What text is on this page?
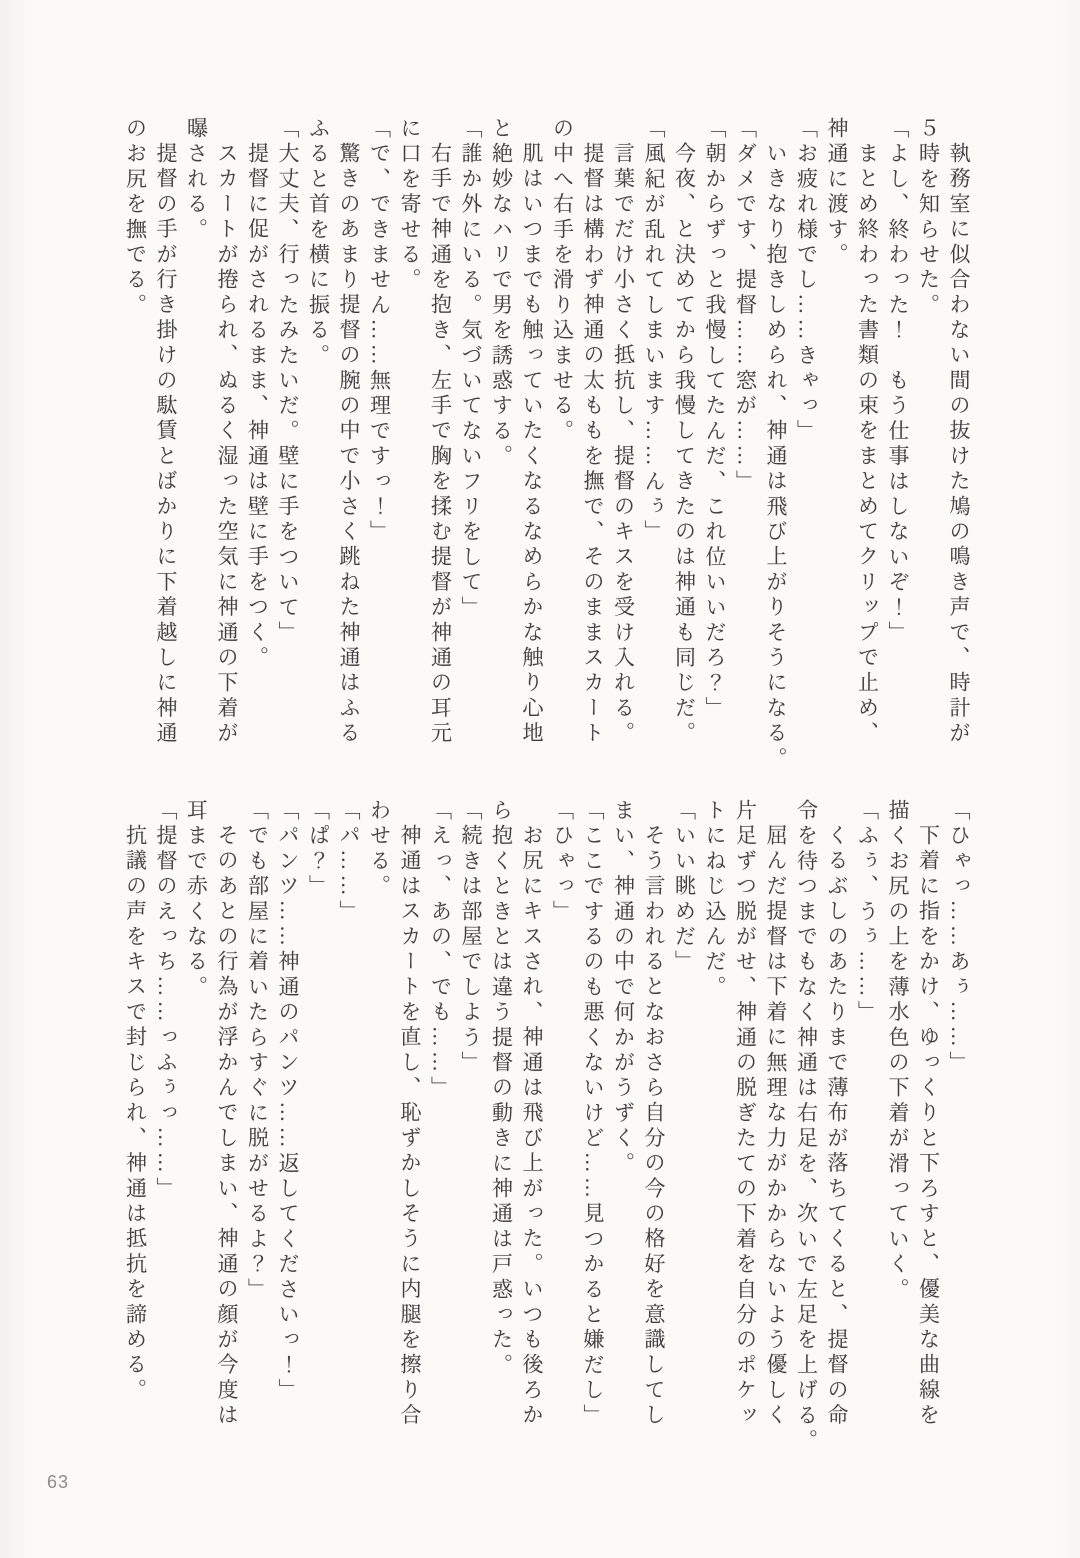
執務室に似合わない間の抜けた鳩の鳴き声で、時計が
５時を知らせた。
「よし、終わった！　もう仕事はしないぞ！」
まとめ終わった書類の束をまとめてクリップで止め、
神通に渡す。
「お疲れ様でし……きゃっ」
いきなり抱きしめられ、神通は飛び上がりそうになる。
「ダメです、提督……窓が……」
「朝からずっと我慢してたんだ、これ位いいだろ？」
今夜、と決めてから我慢してきたのは神通も同じだ。
「風紀が乱れてしまいます……んぅ」
言葉でだけ小さく抵抗し、提督のキスを受け入れる。
提督は構わず神通の太ももを撫で、そのままスカート
の中へ右手を滑り込ませる。
肌はいつまでも触っていたくなるなめらかな触り心地
と絶妙なハリで男を誘惑する。
「誰か外にいる。気づいてないフリをして」
右手で神通を抱き、左手で胸を揉む提督が神通の耳元
に口を寄せる。
「で、できません……無理ですっ！」
驚きのあまり提督の腕の中で小さく跳ねた神通はふる
ふると首を横に振る。
「大丈夫、行ったみたいだ。壁に手をついて」
提督に促がされるまま、神通は壁に手をつく。
スカートが捲られ、ぬるく湿った空気に神通の下着が
曝される。
提督の手が行き掛けの駄賃とばかりに下着越しに神通
のお尻を撫でる。
「ひゃっ……あぅ……」
下着に指をかけ、ゆっくりと下ろすと、優美な曲線を
描くお尻の上を薄水色の下着が滑っていく。
「ふぅ、うぅ……」
くるぶしのあたりまで薄布が落ちてくると、提督の命
令を待つまでもなく神通は右足を、次いで左足を上げる。
屈んだ提督は下着に無理な力がかからないよう優しく
片足ずつ脱がせ、神通の脱ぎたての下着を自分のポケッ
トにねじ込んだ。
「いい眺めだ」
そう言われるとなおさら自分の今の格好を意識してし
まい、神通の中で何かがうずく。
「ここでするのも悪くないけど……見つかると嫌だし」
「ひゃっ」
お尻にキスされ、神通は飛び上がった。いつも後ろか
ら抱くときとは違う提督の動きに神通は戸惑った。
「続きは部屋でしよう」
「えっ、あの、でも……」
神通はスカートを直し、恥ずかしそうに内腿を擦り合
わせる。
「パ……」
「ぱ？」
「パンツ……神通のパンツ……返してくださいっ！」
「でも部屋に着いたらすぐに脱がせるよ？」
そのあとの行為が浮かんでしまい、神通の顔が今度は
耳まで赤くなる。
「提督のえっち……っふぅっ……」
抗議の声をキスで封じられ、神通は抵抗を諦める。
63
